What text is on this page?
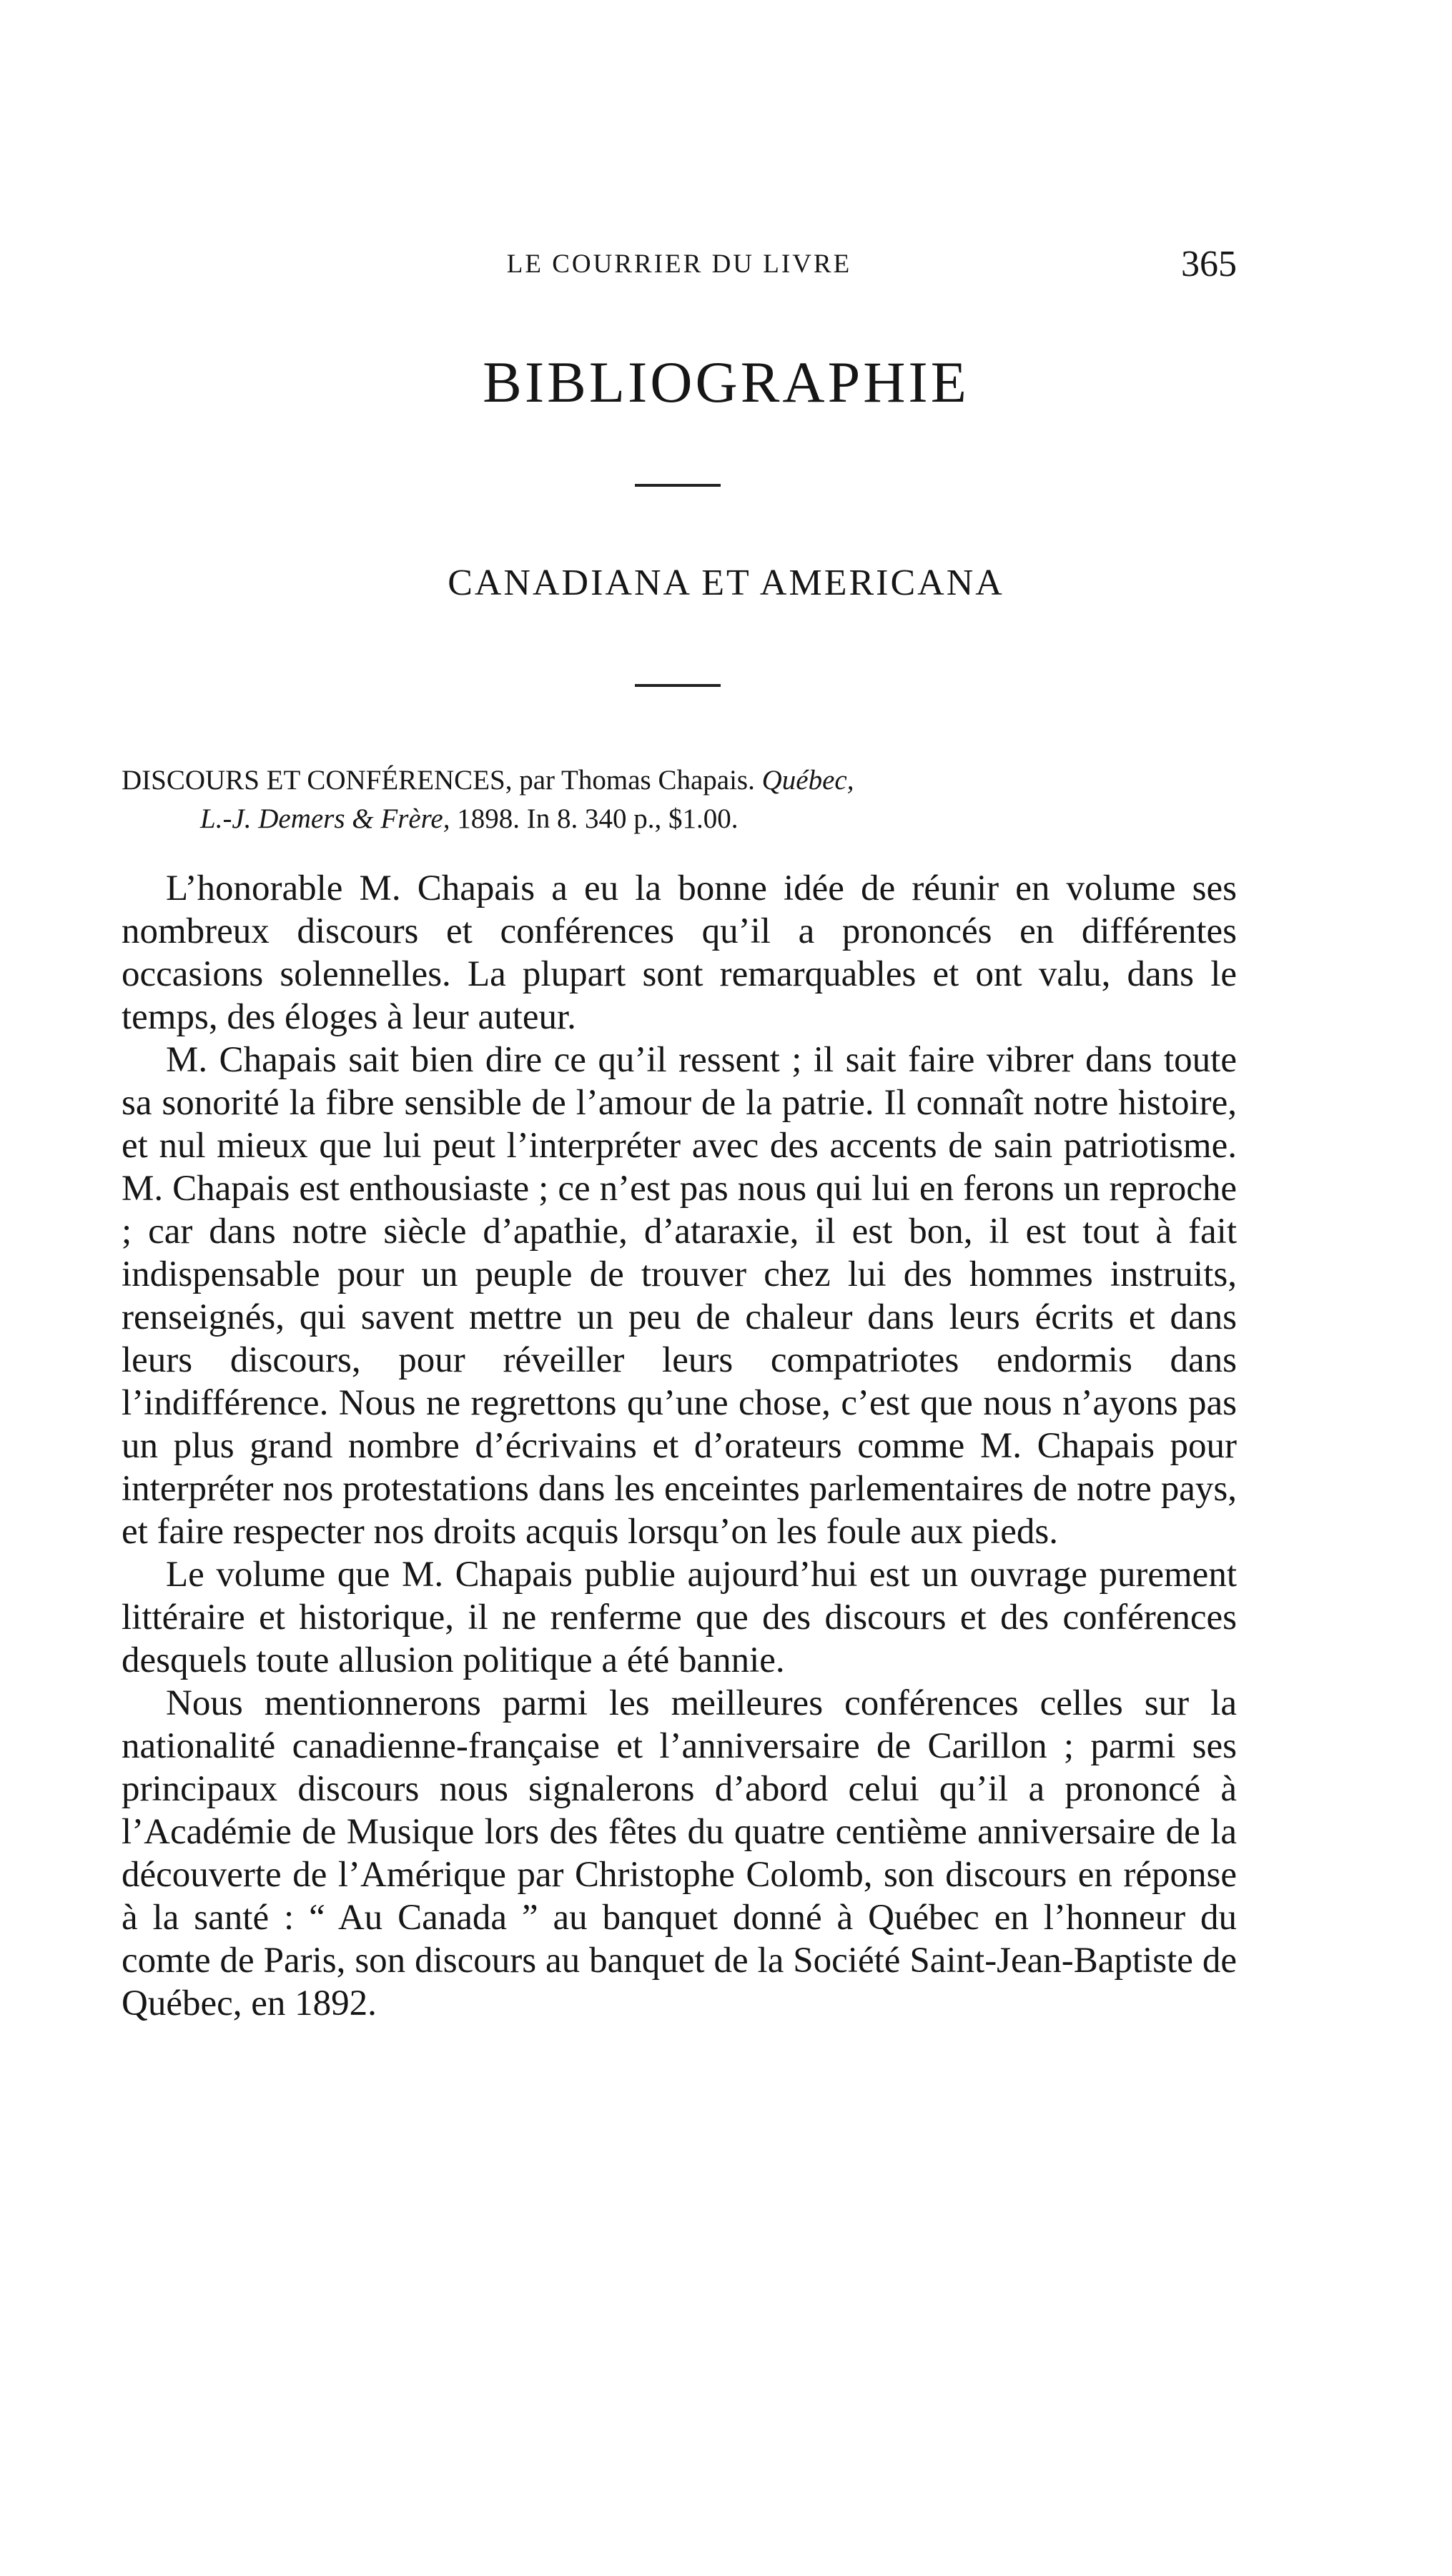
LE COURRIER DU LIVRE	365
BIBLIOGRAPHIE
CANADIANA ET AMERICANA
DISCOURS ET CONFÉRENCES, par Thomas Chapais. Québec,
L.-J. Demers & Frère, 1898. In 8. 340 p., $1.00.

L’honorable M. Chapais a eu la bonne idée de réunir en volume ses nombreux discours et conférences qu’il a prononcés en différentes occasions solennelles. La plupart sont remarquables et ont valu, dans le temps, des éloges à leur auteur.

M. Chapais sait bien dire ce qu’il ressent ; il sait faire vibrer dans toute sa sonorité la fibre sensible de l’amour de la patrie. Il connaît notre histoire, et nul mieux que lui peut l’interpréter avec des accents de sain patriotisme. M. Chapais est enthousiaste ; ce n’est pas nous qui lui en ferons un reproche ; car dans notre siècle d’apathie, d’ataraxie, il est bon, il est tout à fait indispensable pour un peuple de trouver chez lui des hommes instruits, renseignés, qui savent mettre un peu de chaleur dans leurs écrits et dans leurs discours, pour réveiller leurs compatriotes endormis dans l’indifférence. Nous ne regrettons qu’une chose, c’est que nous n’ayons pas un plus grand nombre d’écrivains et d’orateurs comme M. Chapais pour interpréter nos protestations dans les enceintes parlementaires de notre pays, et faire respecter nos droits acquis lorsqu’on les foule aux pieds.

Le volume que M. Chapais publie aujourd’hui est un ouvrage purement littéraire et historique, il ne renferme que des discours et des conférences desquels toute allusion politique a été bannie.

Nous mentionnerons parmi les meilleures conférences celles sur la nationalité canadienne-française et l’anniversaire de Carillon ; parmi ses principaux discours nous signalerons d’abord celui qu’il a prononcé à l’Académie de Musique lors des fêtes du quatre centième anniversaire de la découverte de l’Amérique par Christophe Colomb, son discours en réponse à la santé : “ Au Canada ” au banquet donné à Québec en l’honneur du comte de Paris, son discours au banquet de la Société Saint-Jean-Baptiste de Québec, en 1892.
